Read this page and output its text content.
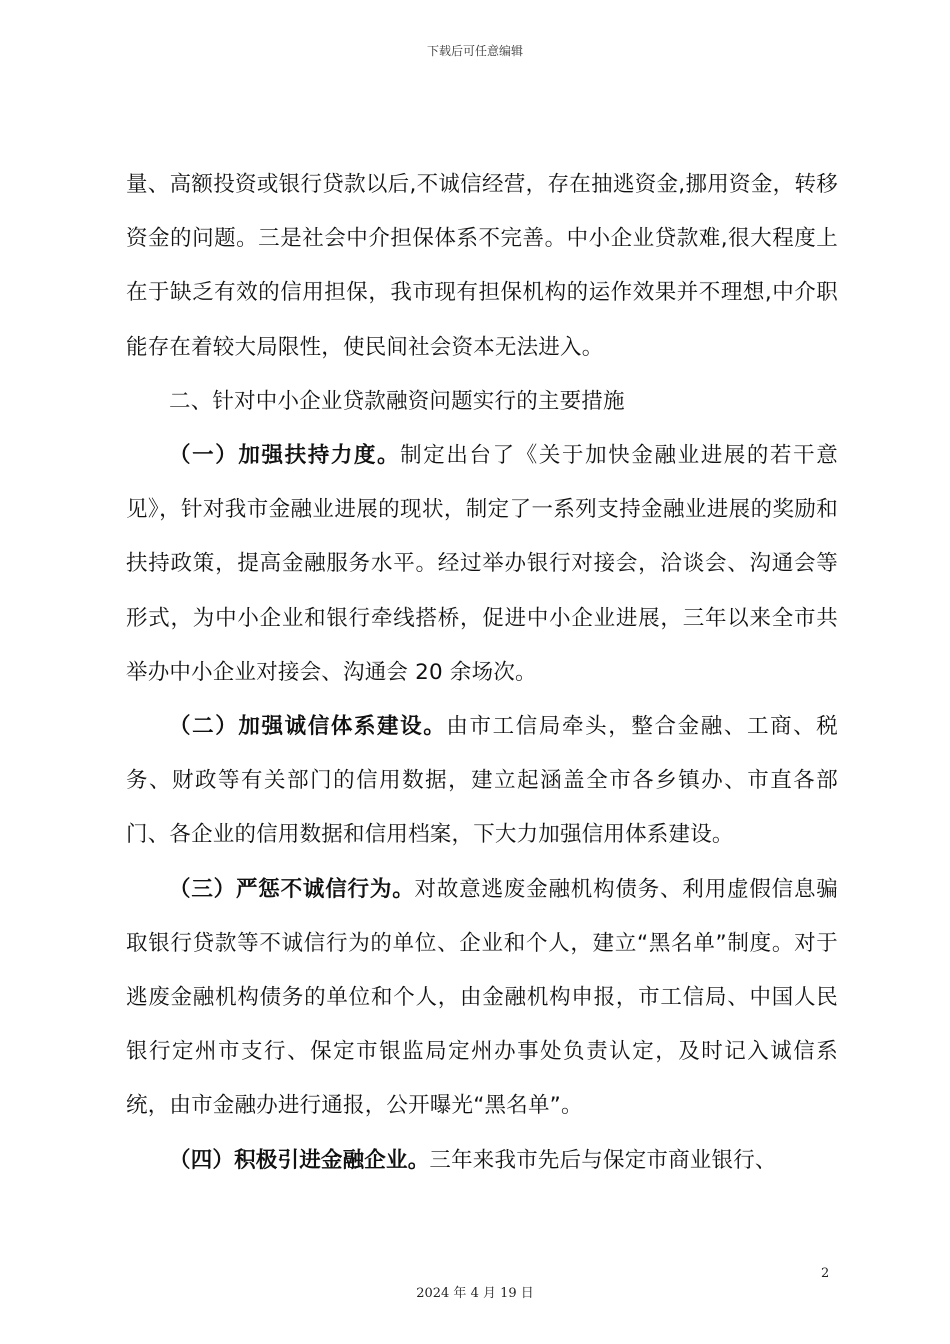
下载后可任意编辑

量、高额投资或银行贷款以后,不诚信经营，存在抽逃资金,挪用资金，转移资金的问题。三是社会中介担保体系不完善。中小企业贷款难,很大程度上在于缺乏有效的信用担保，我市现有担保机构的运作效果并不理想,中介职能存在着较大局限性，使民间社会资本无法进入。

二、针对中小企业贷款融资问题实行的主要措施

（一）加强扶持力度。制定出台了《关于加快金融业进展的若干意见》，针对我市金融业进展的现状，制定了一系列支持金融业进展的奖励和扶持政策，提高金融服务水平。经过举办银行对接会，洽谈会、沟通会等形式，为中小企业和银行牵线搭桥，促进中小企业进展，三年以来全市共举办中小企业对接会、沟通会 20 余场次。

（二）加强诚信体系建设。由市工信局牵头，整合金融、工商、税务、财政等有关部门的信用数据，建立起涵盖全市各乡镇办、市直各部门、各企业的信用数据和信用档案，下大力加强信用体系建设。

（三）严惩不诚信行为。对故意逃废金融机构债务、利用虚假信息骗取银行贷款等不诚信行为的单位、企业和个人，建立“黑名单”制度。对于逃废金融机构债务的单位和个人，由金融机构申报，市工信局、中国人民银行定州市支行、保定市银监局定州办事处负责认定，及时记入诚信系统，由市金融办进行通报，公开曝光“黑名单”。

（四）积极引进金融企业。三年来我市先后与保定市商业银行、

2
2024 年 4 月 19 日
